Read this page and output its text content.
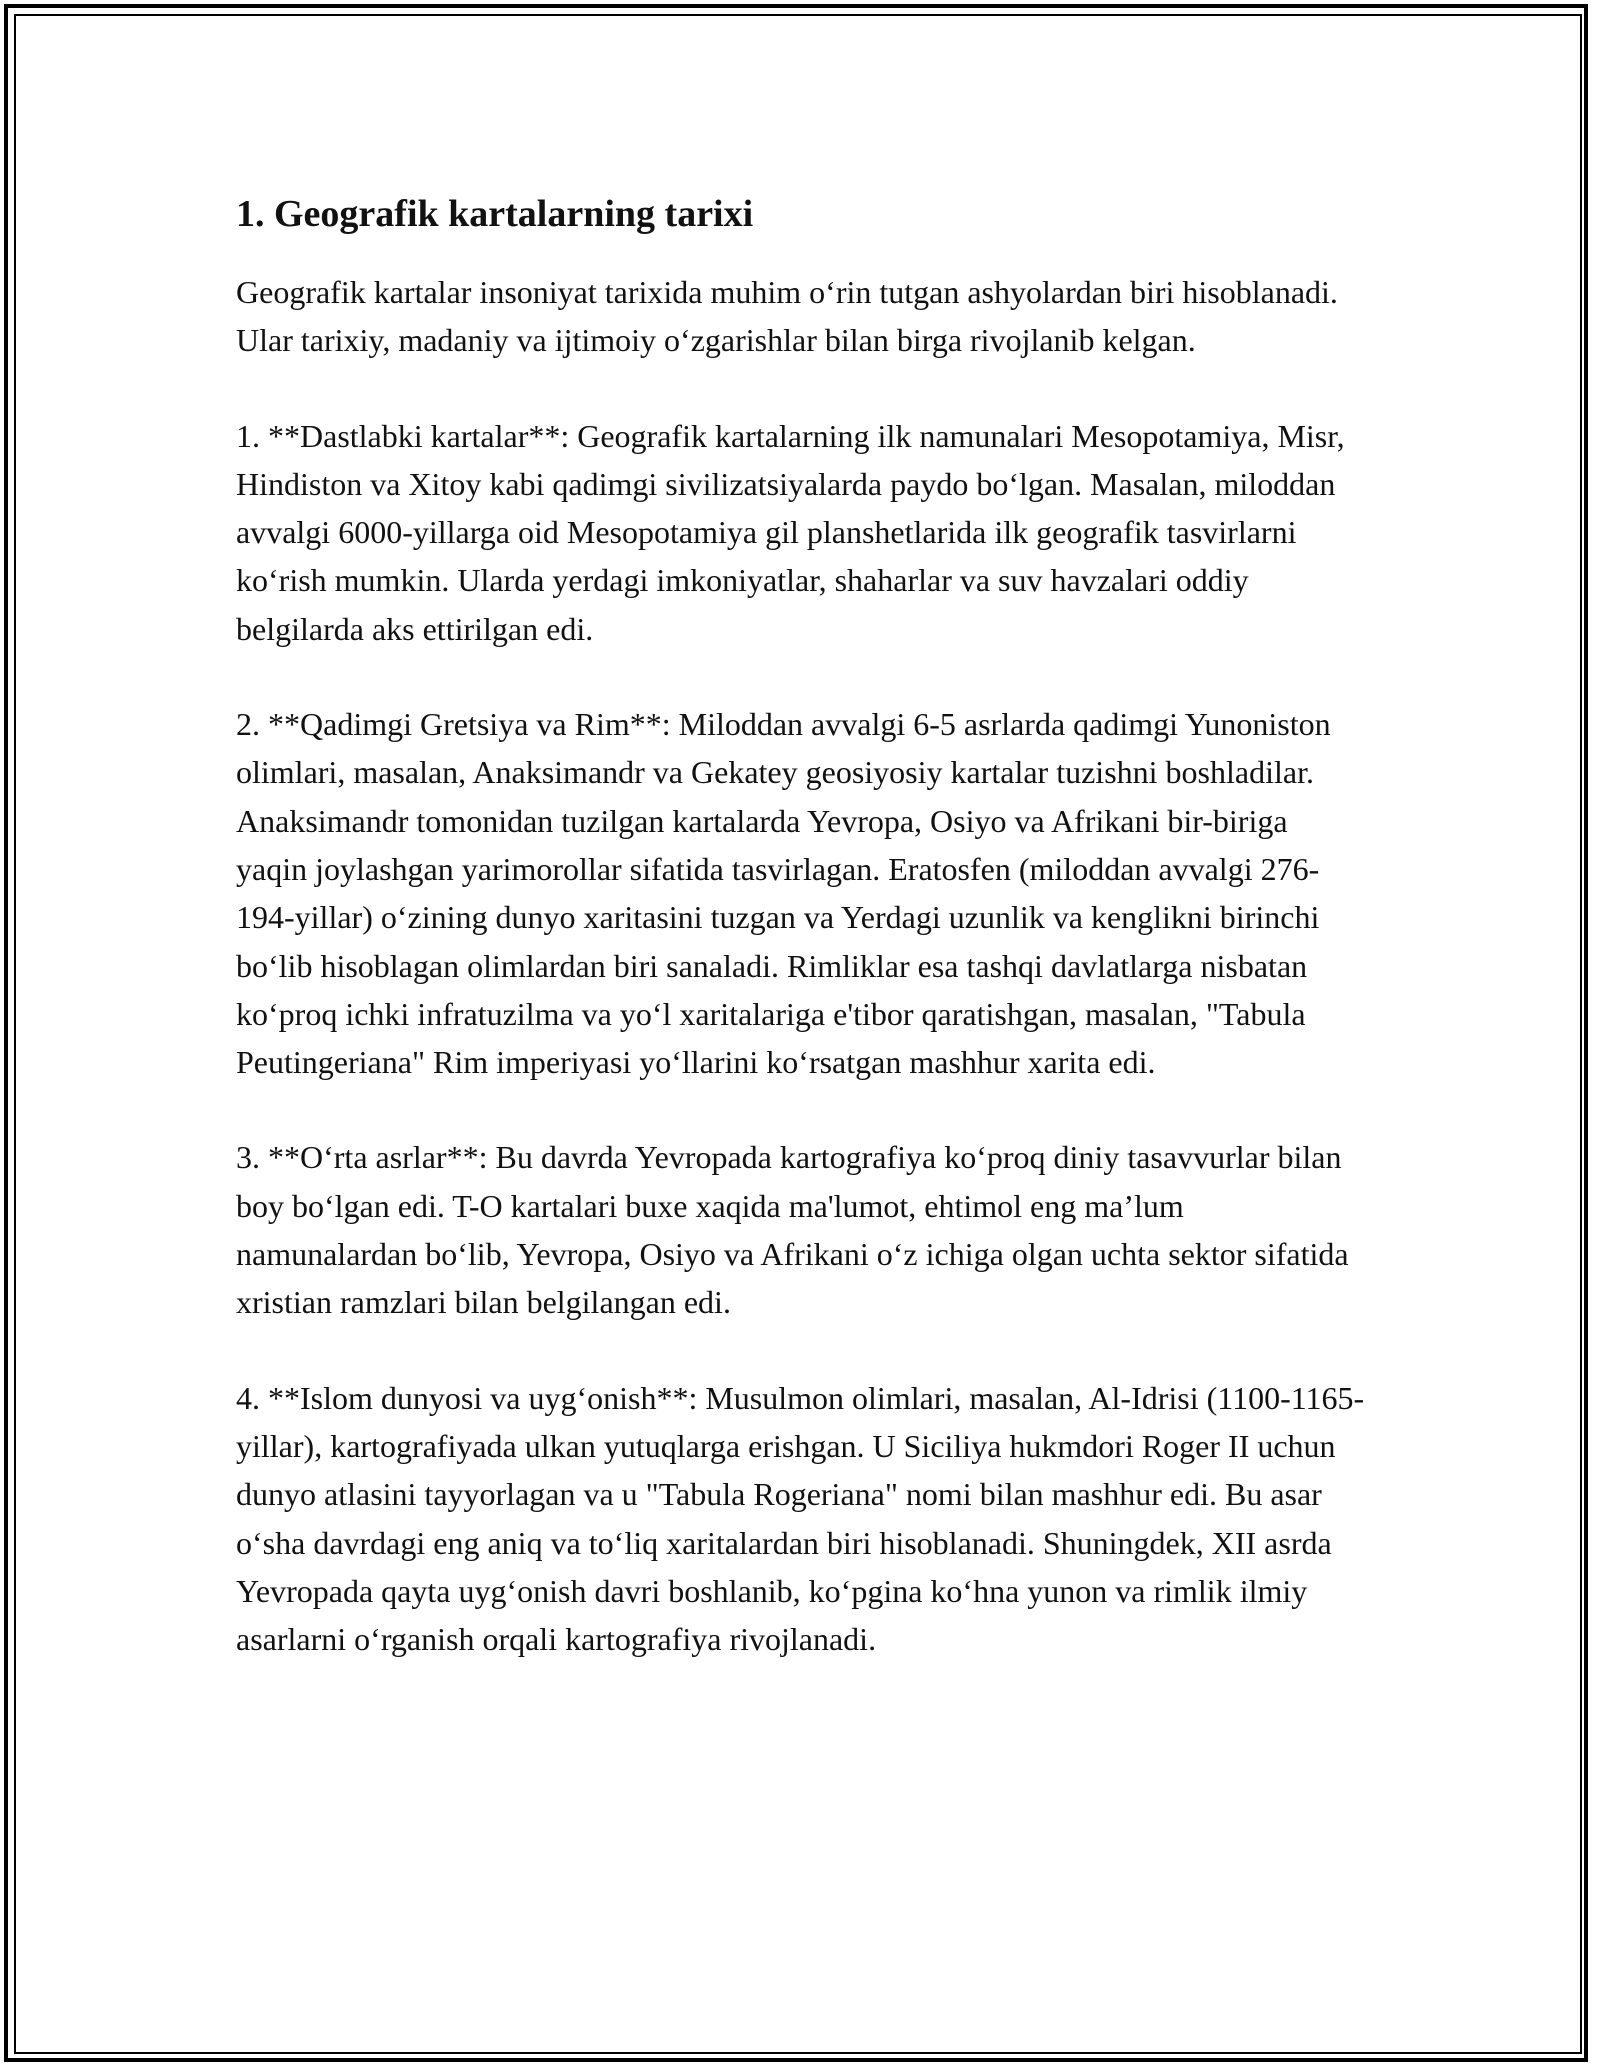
1. Geografik kartalarning tarixi

Geografik kartalar insoniyat tarixida muhim o‘rin tutgan ashyolardan biri hisoblanadi. Ular tarixiy, madaniy va ijtimoiy o‘zgarishlar bilan birga rivojlanib kelgan.

1. **Dastlabki kartalar**: Geografik kartalarning ilk namunalari Mesopotamiya, Misr, Hindiston va Xitoy kabi qadimgi sivilizatsiyalarda paydo bo‘lgan. Masalan, miloddan avvalgi 6000-yillarga oid Mesopotamiya gil planshetlarida ilk geografik tasvirlarni ko‘rish mumkin. Ularda yerdagi imkoniyatlar, shaharlar va suv havzalari oddiy belgilarda aks ettirilgan edi.

2. **Qadimgi Gretsiya va Rim**: Miloddan avvalgi 6-5 asrlarda qadimgi Yunoniston olimlari, masalan, Anaksimandr va Gekatey geosiyosiy kartalar tuzishni boshladilar. Anaksimandr tomonidan tuzilgan kartalarda Yevropa, Osiyo va Afrikani bir-biriga yaqin joylashgan yarimorollar sifatida tasvirlagan. Eratosfen (miloddan avvalgi 276-194-yillar) o‘zining dunyo xaritasini tuzgan va Yerdagi uzunlik va kenglikni birinchi bo‘lib hisoblagan olimlardan biri sanaladi. Rimliklar esa tashqi davlatlarga nisbatan ko‘proq ichki infratuzilma va yo‘l xaritalariga e'tibor qaratishgan, masalan, "Tabula Peutingeriana" Rim imperiyasi yo‘llarini ko‘rsatgan mashhur xarita edi.

3. **O‘rta asrlar**: Bu davrda Yevropada kartografiya ko‘proq diniy tasavvurlar bilan boy bo‘lgan edi. T-O kartalari buxe xaqida ma'lumot, ehtimol eng ma’lum namunalardan bo‘lib, Yevropa, Osiyo va Afrikani o‘z ichiga olgan uchta sektor sifatida xristian ramzlari bilan belgilangan edi.

4. **Islom dunyosi va uyg‘onish**: Musulmon olimlari, masalan, Al-Idrisi (1100-1165-yillar), kartografiyada ulkan yutuqlarga erishgan. U Siciliya hukmdori Roger II uchun dunyo atlasini tayyorlagan va u "Tabula Rogeriana" nomi bilan mashhur edi. Bu asar o‘sha davrdagi eng aniq va to‘liq xaritalardan biri hisoblanadi. Shuningdek, XII asrda Yevropada qayta uyg‘onish davri boshlanib, ko‘pgina ko‘hna yunon va rimlik ilmiy asarlarni o‘rganish orqali kartografiya rivojlanadi.
